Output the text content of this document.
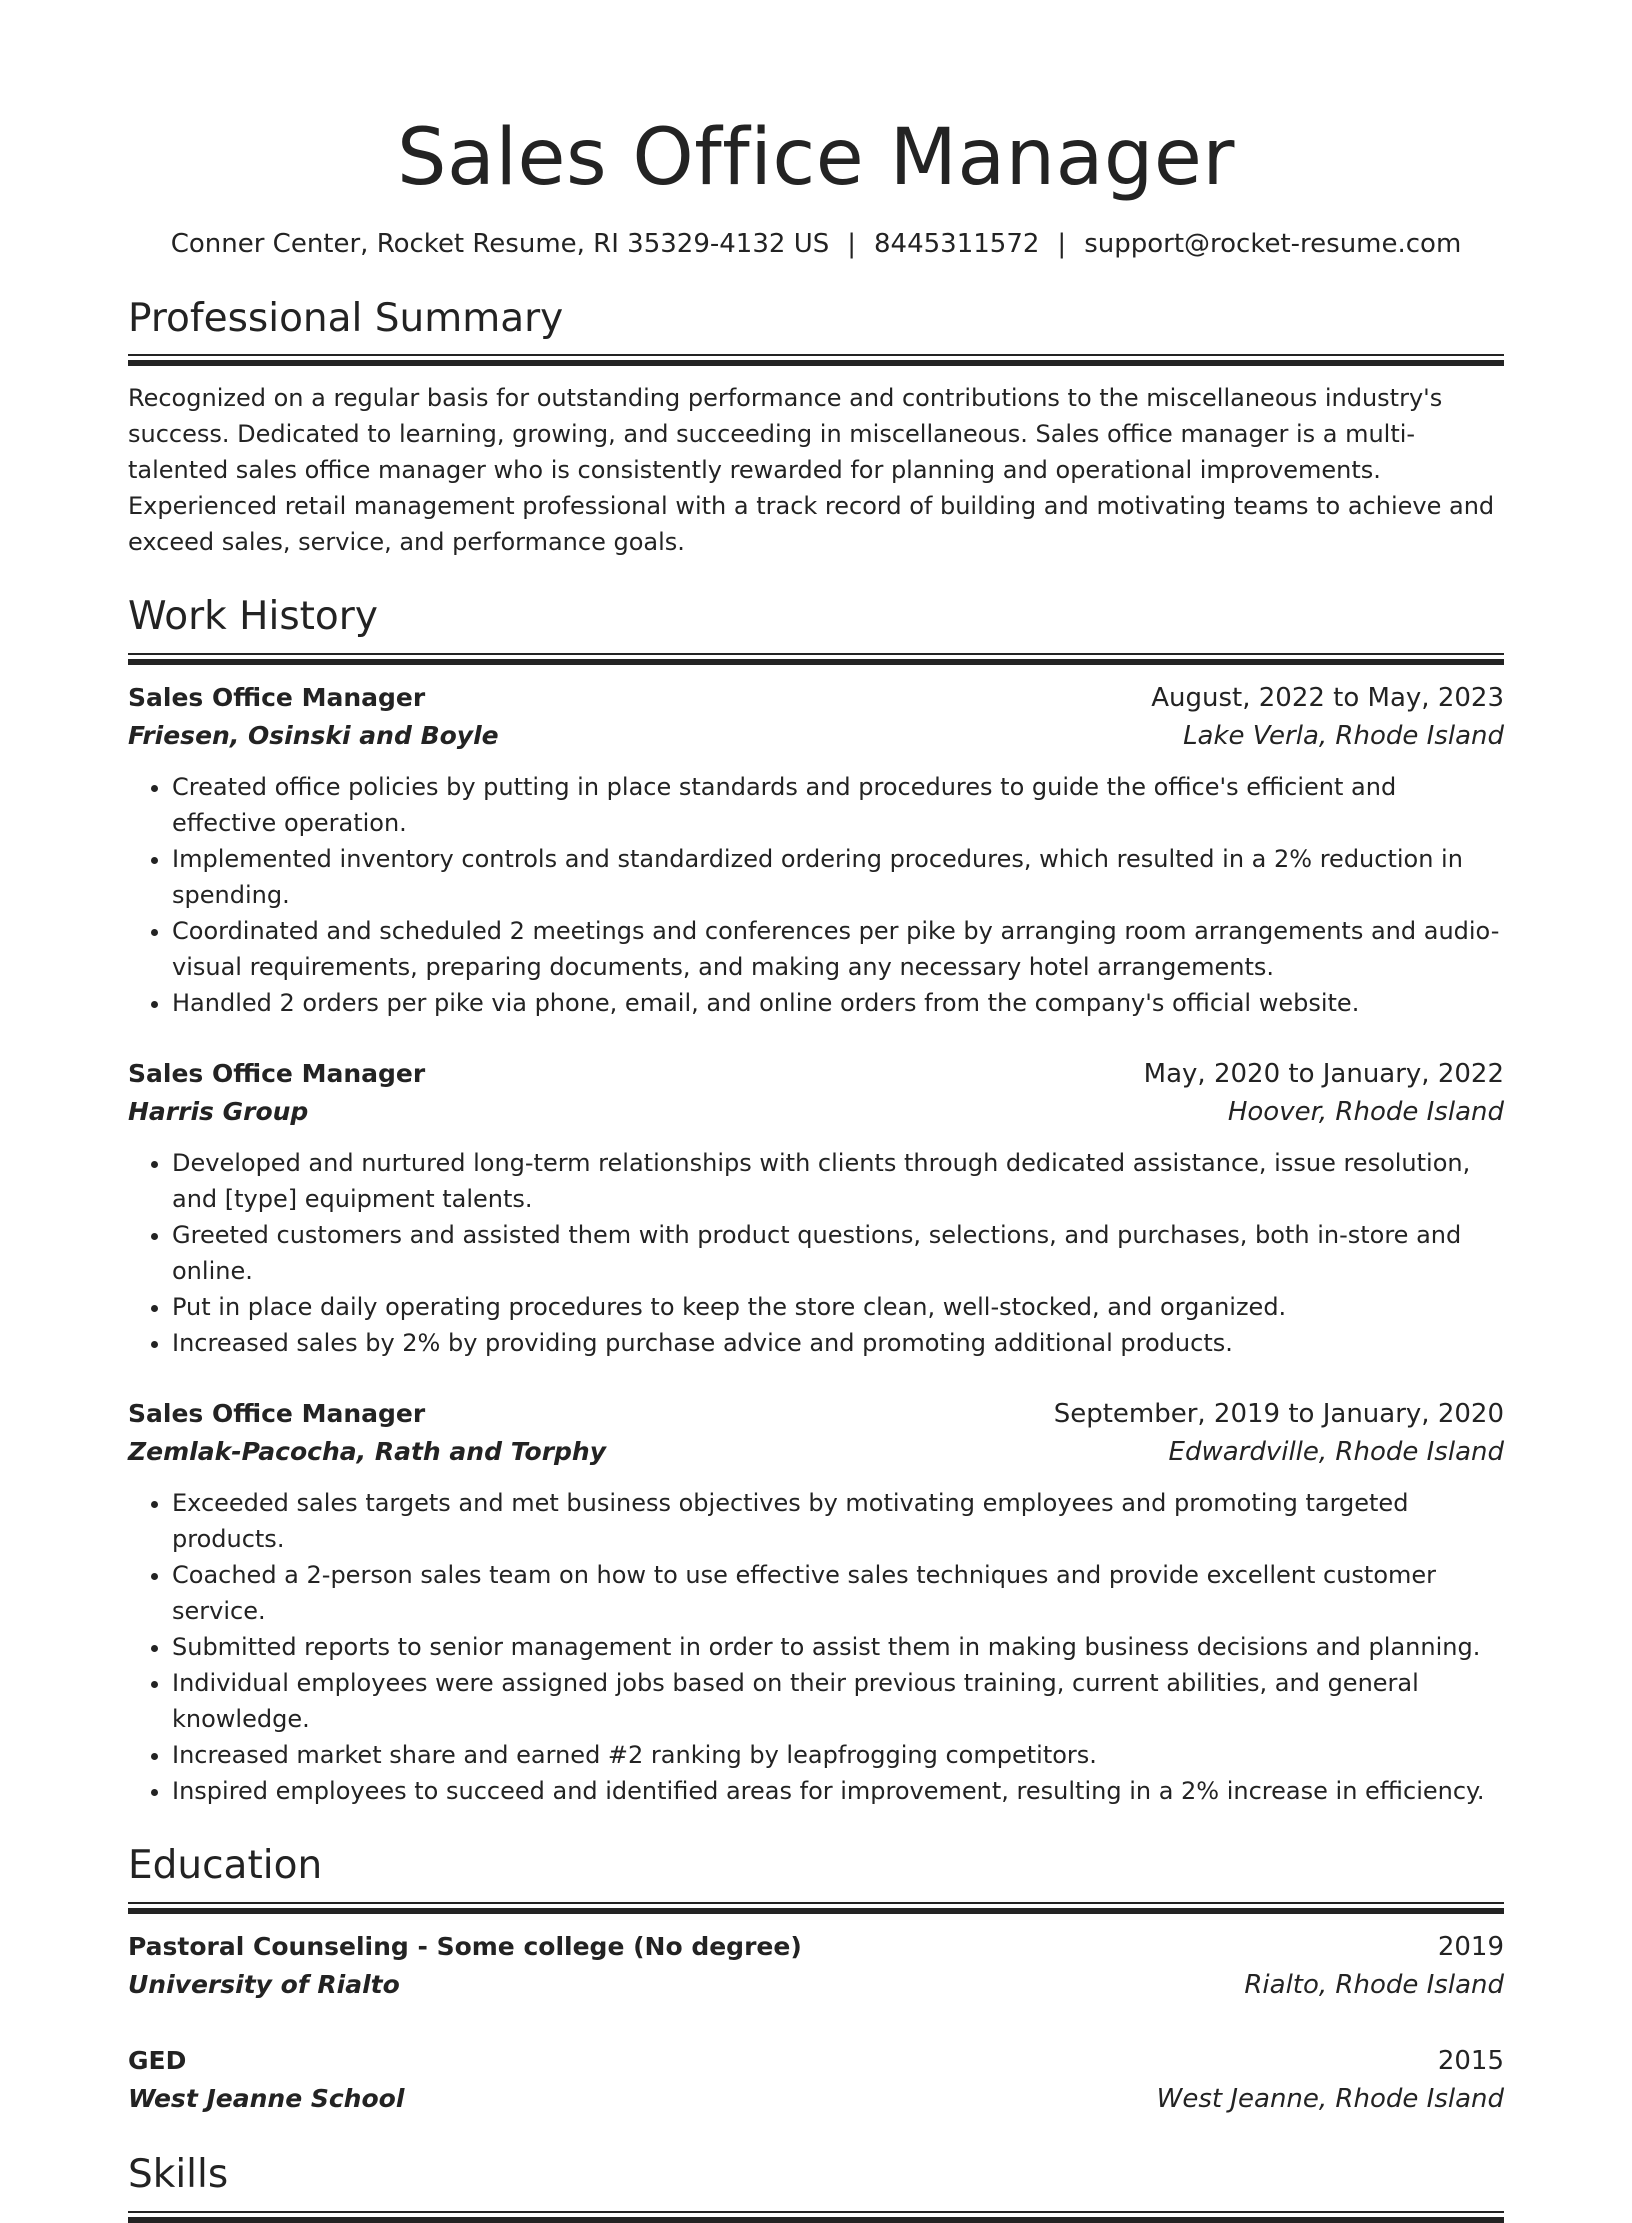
Sales Office Manager
Conner Center, Rocket Resume, RI 35329-4132 US | 8445311572 | support@rocket-resume.com
Professional Summary
Recognized on a regular basis for outstanding performance and contributions to the miscellaneous industry's success. Dedicated to learning, growing, and succeeding in miscellaneous. Sales office manager is a multi-talented sales office manager who is consistently rewarded for planning and operational improvements. Experienced retail management professional with a track record of building and motivating teams to achieve and exceed sales, service, and performance goals.
Work History
Sales Office Manager	August, 2022 to May, 2023
Friesen, Osinski and Boyle	Lake Verla, Rhode Island
• Created office policies by putting in place standards and procedures to guide the office's efficient and effective operation.
• Implemented inventory controls and standardized ordering procedures, which resulted in a 2% reduction in spending.
• Coordinated and scheduled 2 meetings and conferences per pike by arranging room arrangements and audio-visual requirements, preparing documents, and making any necessary hotel arrangements.
• Handled 2 orders per pike via phone, email, and online orders from the company's official website.
Sales Office Manager	May, 2020 to January, 2022
Harris Group	Hoover, Rhode Island
• Developed and nurtured long-term relationships with clients through dedicated assistance, issue resolution, and [type] equipment talents.
• Greeted customers and assisted them with product questions, selections, and purchases, both in-store and online.
• Put in place daily operating procedures to keep the store clean, well-stocked, and organized.
• Increased sales by 2% by providing purchase advice and promoting additional products.
Sales Office Manager	September, 2019 to January, 2020
Zemlak-Pacocha, Rath and Torphy	Edwardville, Rhode Island
• Exceeded sales targets and met business objectives by motivating employees and promoting targeted products.
• Coached a 2-person sales team on how to use effective sales techniques and provide excellent customer service.
• Submitted reports to senior management in order to assist them in making business decisions and planning.
• Individual employees were assigned jobs based on their previous training, current abilities, and general knowledge.
• Increased market share and earned #2 ranking by leapfrogging competitors.
• Inspired employees to succeed and identified areas for improvement, resulting in a 2% increase in efficiency.
Education
Pastoral Counseling - Some college (No degree)	2019
University of Rialto	Rialto, Rhode Island
GED	2015
West Jeanne School	West Jeanne, Rhode Island
Skills
